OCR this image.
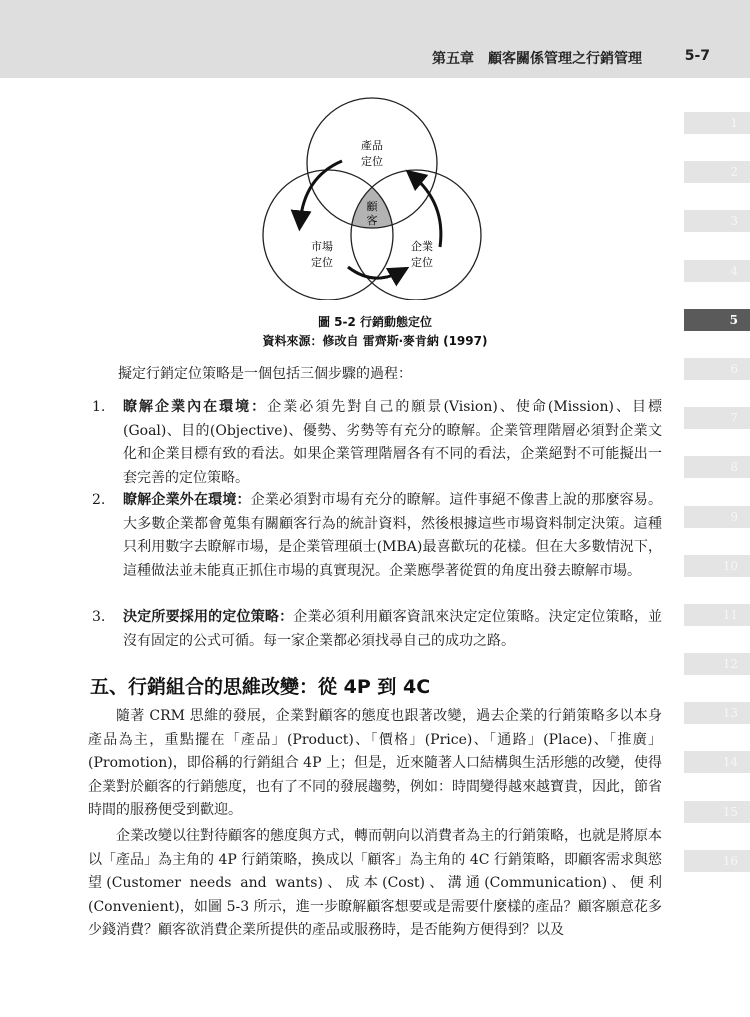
第五章　顧客關係管理之行銷管理	5-7
1
2
3
4
5
6
7
8
9
10
11
12
13
14
15
16
產品
定位
顧
客
市場
定位
企業
定位
圖 5-2 行銷動態定位
資料來源：修改自 雷齊斯‧麥肯納 (1997)
擬定行銷定位策略是一個包括三個步驟的過程：
1. 瞭解企業內在環境：企業必須先對自己的願景(Vision)、使命(Mission)、目標(Goal)、目的(Objective)、優勢、劣勢等有充分的瞭解。企業管理階層必須對企業文化和企業目標有致的看法。如果企業管理階層各有不同的看法，企業絕對不可能擬出一套完善的定位策略。
2. 瞭解企業外在環境：企業必須對市場有充分的瞭解。這件事絕不像書上說的那麼容易。大多數企業都會蒐集有關顧客行為的統計資料，然後根據這些市場資料制定決策。這種只利用數字去瞭解市場，是企業管理碩士(MBA)最喜歡玩的花樣。但在大多數情況下，這種做法並未能真正抓住市場的真實現況。企業應學著從質的角度出發去瞭解市場。
3. 決定所要採用的定位策略：企業必須利用顧客資訊來決定定位策略。決定定位策略，並沒有固定的公式可循。每一家企業都必須找尋自己的成功之路。
五、行銷組合的思維改變：從 4P 到 4C
隨著 CRM 思維的發展，企業對顧客的態度也跟著改變，過去企業的行銷策略多以本身產品為主，重點擺在「產品」(Product)、「價格」(Price)、「通路」(Place)、「推廣」(Promotion)，即俗稱的行銷組合 4P 上；但是，近來隨著人口結構與生活形態的改變，使得企業對於顧客的行銷態度，也有了不同的發展趨勢，例如：時間變得越來越寶貴，因此，節省時間的服務便受到歡迎。
企業改變以往對待顧客的態度與方式，轉而朝向以消費者為主的行銷策略，也就是將原本以「產品」為主角的 4P 行銷策略，換成以「顧客」為主角的 4C 行銷策略，即顧客需求與慾望(Customer needs and wants)、成本(Cost)、溝通(Communication)、便利(Convenient)，如圖 5-3 所示，進一步瞭解顧客想要或是需要什麼樣的產品？顧客願意花多少錢消費？顧客欲消費企業所提供的產品或服務時，是否能夠方便得到？以及
